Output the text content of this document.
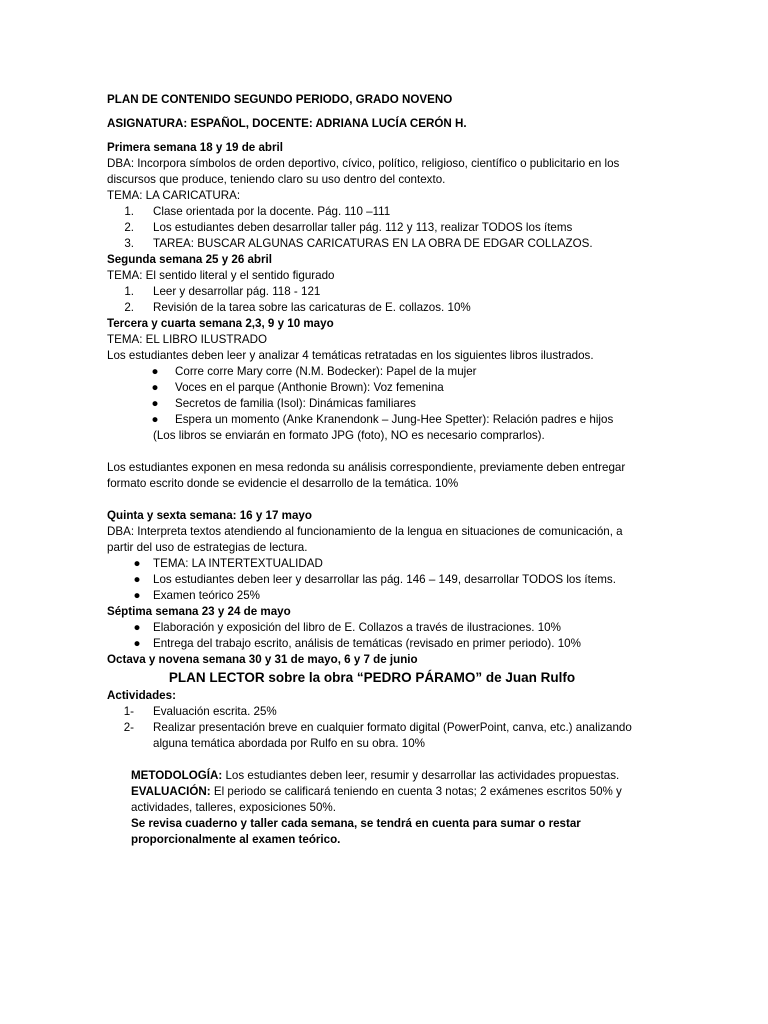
PLAN DE CONTENIDO SEGUNDO PERIODO, GRADO NOVENO

ASIGNATURA: ESPAÑOL, DOCENTE: ADRIANA LUCÍA CERÓN H.

Primera semana 18 y 19 de abril

DBA: Incorpora símbolos de orden deportivo, cívico, político, religioso, científico o publicitario en los discursos que produce, teniendo claro su uso dentro del contexto.

TEMA: LA CARICATURA:

1.	Clase orientada por la docente. Pág. 110 –111
2.	Los estudiantes deben desarrollar taller pág. 112 y 113, realizar TODOS los ítems
3.	TAREA: BUSCAR ALGUNAS CARICATURAS EN LA OBRA DE EDGAR COLLAZOS.

Segunda semana 25 y 26 abril

TEMA: El sentido literal y el sentido figurado

1.	Leer y desarrollar pág. 118 - 121
2.	Revisión de la tarea sobre las caricaturas de E. collazos. 10%

Tercera y cuarta semana 2,3, 9 y 10 mayo

TEMA: EL LIBRO ILUSTRADO

Los estudiantes deben leer y analizar 4 temáticas retratadas en los siguientes libros ilustrados.

●	Corre corre Mary corre (N.M. Bodecker): Papel de la mujer
●	Voces en el parque (Anthonie Brown): Voz femenina
●	Secretos de familia (Isol): Dinámicas familiares
●	Espera un momento (Anke Kranendonk – Jung-Hee Spetter): Relación padres e hijos

(Los libros se enviarán en formato JPG (foto), NO es necesario comprarlos).

Los estudiantes exponen en mesa redonda su análisis correspondiente, previamente deben entregar formato escrito donde se evidencie el desarrollo de la temática. 10%

Quinta y sexta semana: 16 y 17 mayo

DBA: Interpreta textos atendiendo al funcionamiento de la lengua en situaciones de comunicación, a partir del uso de estrategias de lectura.

●	TEMA: LA INTERTEXTUALIDAD
●	Los estudiantes deben leer y desarrollar las pág. 146 – 149, desarrollar TODOS los ítems.
●	Examen teórico 25%

Séptima semana 23 y 24 de mayo

●	Elaboración y exposición del libro de E. Collazos a través de ilustraciones. 10%
●	Entrega del trabajo escrito, análisis de temáticas (revisado en primer periodo). 10%

Octava y novena semana 30 y 31 de mayo, 6 y 7 de junio

PLAN LECTOR sobre la obra “PEDRO PÁRAMO” de Juan Rulfo

Actividades:

1-	Evaluación escrita. 25%
2-	Realizar presentación breve en cualquier formato digital (PowerPoint, canva, etc.) analizando alguna temática abordada por Rulfo en su obra. 10%

METODOLOGÍA: Los estudiantes deben leer, resumir y desarrollar las actividades propuestas.

EVALUACIÓN: El periodo se calificará teniendo en cuenta 3 notas; 2 exámenes escritos 50% y actividades, talleres, exposiciones 50%.

Se revisa cuaderno y taller cada semana, se tendrá en cuenta para sumar o restar proporcionalmente al examen teórico.
